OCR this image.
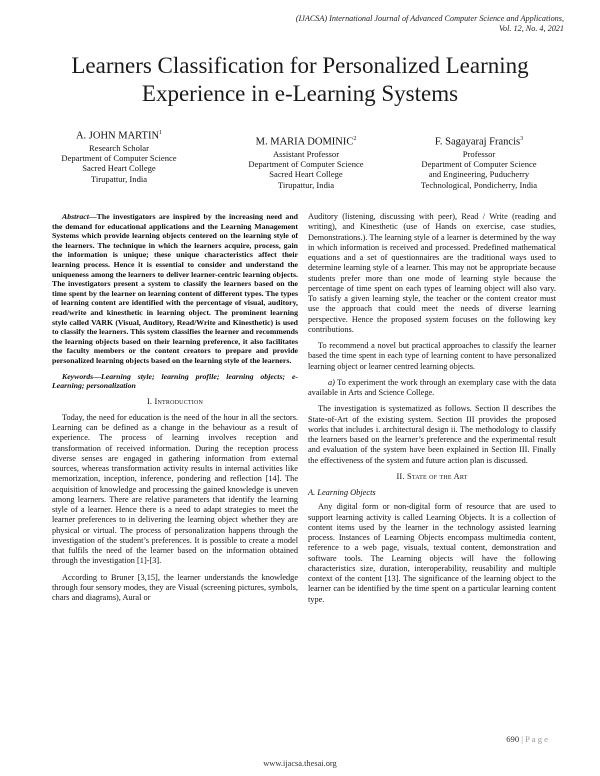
(IJACSA) International Journal of Advanced Computer Science and Applications,
Vol. 12, No. 4, 2021
Learners Classification for Personalized Learning
Experience in e-Learning Systems
A. JOHN MARTIN$^1$
Research Scholar
Department of Computer Science
Sacred Heart College
Tirupattur, India
M. MARIA DOMINIC$^2$
Assistant Professor
Department of Computer Science
Sacred Heart College
Tirupattur, India
F. Sagayaraj Francis$^3$
Professor
Department of Computer Science
and Engineering, Puducherry
Technological, Pondicherry, India

Abstract—The investigators are inspired by the increasing need and the demand for educational applications and the Learning Management Systems which provide learning objects centered on the learning style of the learners. The technique in which the learners acquire, process, gain the information is unique; these unique characteristics affect their learning process. Hence it is essential to consider and understand the uniqueness among the learners to deliver learner-centric learning objects. The investigators present a system to classify the learners based on the time spent by the learner on learning content of different types. The types of learning content are identified with the percentage of visual, auditory, read/write and kinesthetic in learning object. The prominent learning style called VARK (Visual, Auditory, Read/Write and Kinesthetic) is used to classify the learners. This system classifies the learner and recommends the learning objects based on their learning preference, it also facilitates the faculty members or the content creators to prepare and provide personalized learning objects based on the learning style of the learners.

Keywords—Learning style; learning profile; learning objects; e-Learning; personalization

I. Introduction

Today, the need for education is the need of the hour in all the sectors. Learning can be defined as a change in the behaviour as a result of experience. The process of learning involves reception and transformation of received information. During the reception process diverse senses are engaged in gathering information from external sources, whereas transformation activity results in internal activities like memorization, inception, inference, pondering and reflection [14]. The acquisition of knowledge and processing the gained knowledge is uneven among learners. There are relative parameters that identify the learning style of a learner. Hence there is a need to adapt strategies to meet the learner preferences to in delivering the learning object whether they are physical or virtual. The process of personalization happens through the investigation of the student’s preferences. It is possible to create a model that fulfils the need of the learner based on the information obtained through the investigation [1]-[3].

According to Bruner [3,15], the learner understands the knowledge through four sensory modes, they are Visual (screening pictures, symbols, chars and diagrams), Aural or

Auditory (listening, discussing with peer), Read / Write (reading and writing), and Kinesthetic (use of Hands on exercise, case studies, Demonstrations.). The learning style of a learner is determined by the way in which information is received and processed. Predefined mathematical equations and a set of questionnaires are the traditional ways used to determine learning style of a learner. This may not be appropriate because students prefer more than one mode of learning style because the percentage of time spent on each types of learning object will also vary. To satisfy a given learning style, the teacher or the content creator must use the approach that could meet the needs of diverse learning perspective. Hence the proposed system focuses on the following key contributions.

To recommend a novel but practical approaches to classify the learner based the time spent in each type of learning content to have personalized learning object or learner centred learning objects.

a) To experiment the work through an exemplary case with the data available in Arts and Science College.

The investigation is systematized as follows. Section II describes the State-of-Art of the existing system. Section III provides the proposed works that includes i. architectural design ii. The methodology to classify the learners based on the learner’s preference and the experimental result and evaluation of the system have been explained in Section III. Finally the effectiveness of the system and future action plan is discussed.

II. State of the Art
A. Learning Objects

Any digital form or non-digital form of resource that are used to support learning activity is called Learning Objects. It is a collection of content items used by the learner in the technology assisted learning process. Instances of Learning Objects encompass multimedia content, reference to a web page, visuals, textual content, demonstration and software tools. The Learning objects will have the following characteristics size, duration, interoperability, reusability and multiple context of the content [13]. The significance of the learning object to the learner can be identified by the time spent on a particular learning content type.

690 | P a g e
www.ijacsa.thesai.org
